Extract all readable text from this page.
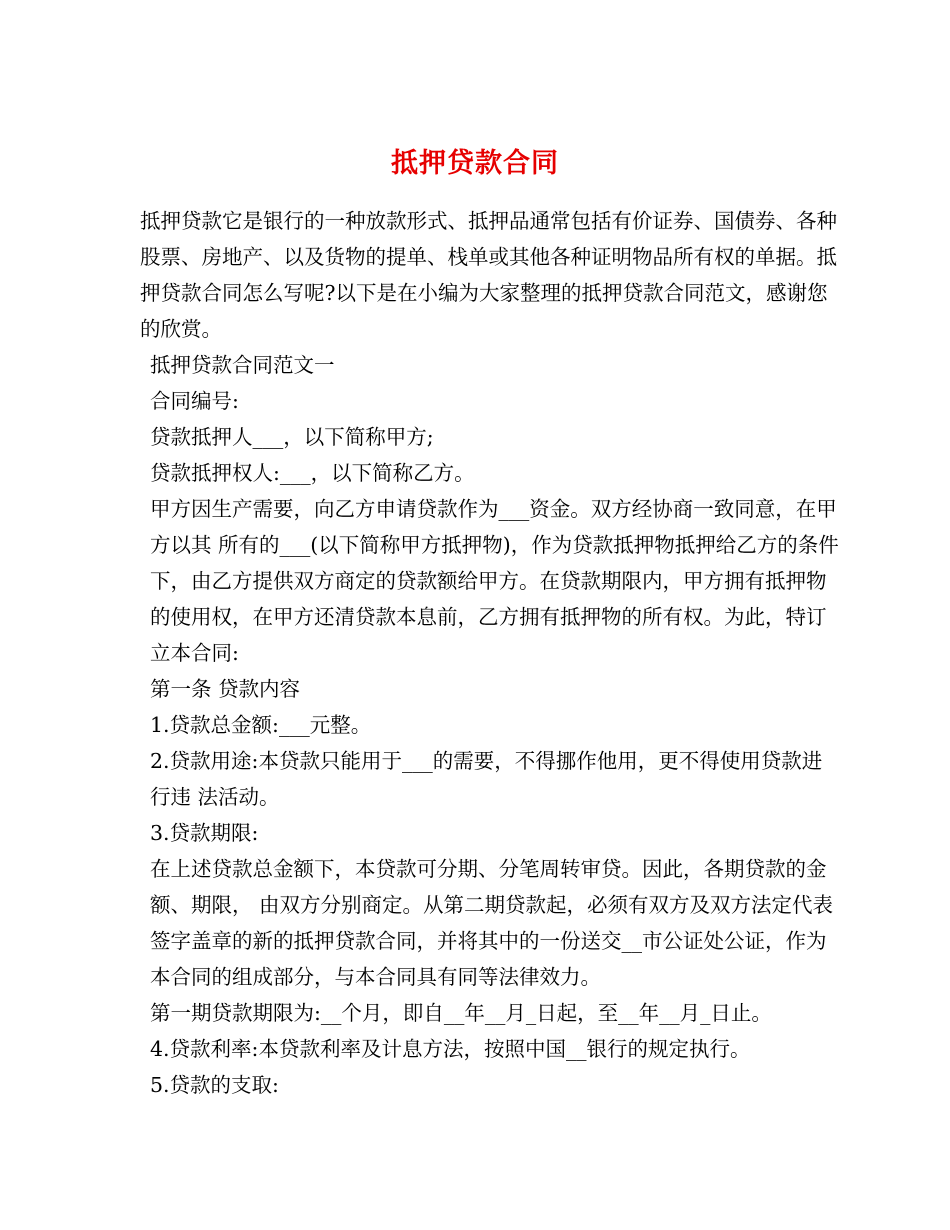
抵押贷款合同

抵押贷款它是银行的一种放款形式、抵押品通常包括有价证券、国债券、各种股票、房地产、以及货物的提单、栈单或其他各种证明物品所有权的单据。抵押贷款合同怎么写呢?以下是在小编为大家整理的抵押贷款合同范文，感谢您的欣赏。

抵押贷款合同范文一

合同编号:

贷款抵押人___，以下简称甲方;

贷款抵押权人:___，以下简称乙方。

甲方因生产需要，向乙方申请贷款作为___资金。双方经协商一致同意，在甲方以其 所有的___(以下简称甲方抵押物)，作为贷款抵押物抵押给乙方的条件下，由乙方提供双方商定的贷款额给甲方。在贷款期限内，甲方拥有抵押物的使用权，在甲方还清贷款本息前，乙方拥有抵押物的所有权。为此，特订立本合同:

第一条 贷款内容

1.贷款总金额:___元整。

2.贷款用途:本贷款只能用于___的需要，不得挪作他用，更不得使用贷款进行违 法活动。

3.贷款期限:

在上述贷款总金额下，本贷款可分期、分笔周转审贷。因此，各期贷款的金额、期限， 由双方分别商定。从第二期贷款起，必须有双方及双方法定代表签字盖章的新的抵押贷款合同，并将其中的一份送交__市公证处公证，作为本合同的组成部分，与本合同具有同等法律效力。

第一期贷款期限为:__个月，即自__年__月_日起，至__年__月_日止。

4.贷款利率:本贷款利率及计息方法，按照中国__银行的规定执行。

5.贷款的支取:
